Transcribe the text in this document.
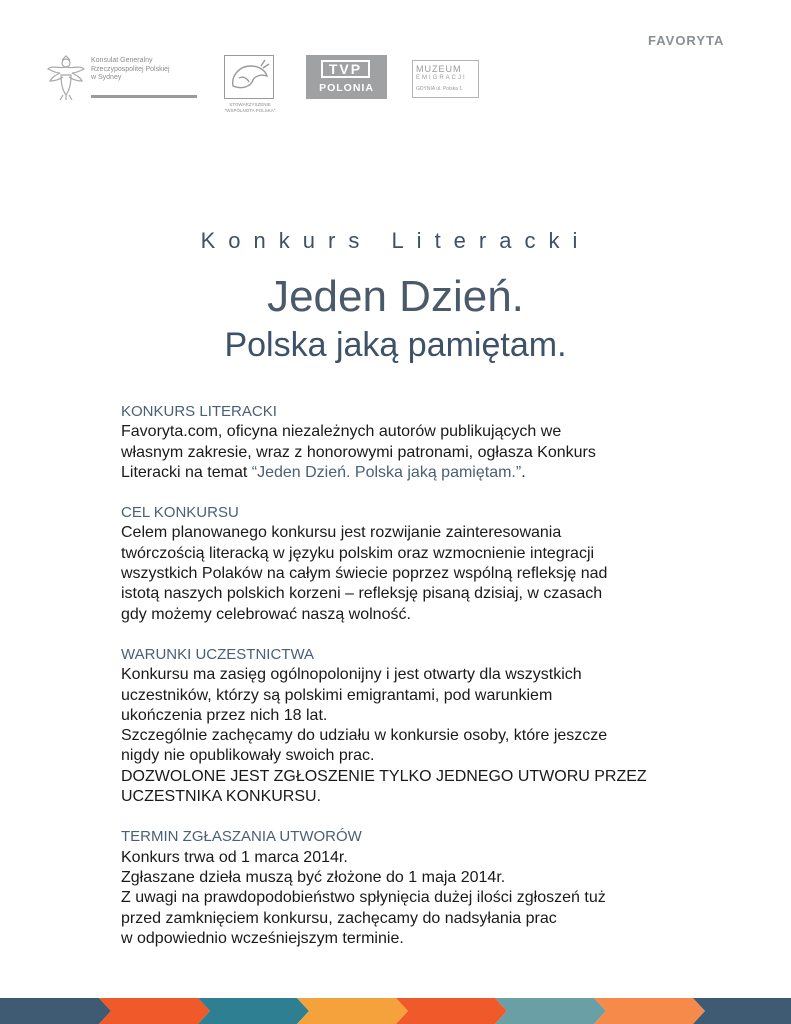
FAVORYTA
Konsulat Generalny
Rzeczypospolitej Polskiej
w Sydney
STOWARZYSZENIE
"WSPÓLNOTA POLSKA"
TVP
POLONIA
MUZEUM
EMIGRACJI
GDYNIA ul. Polska 1
Konkurs Literacki
Jeden Dzień.
Polska jaką pamiętam.
KONKURS LITERACKI
Favoryta.com, oficyna niezależnych autorów publikujących we
własnym zakresie, wraz z honorowymi patronami, ogłasza Konkurs
Literacki na temat “Jeden Dzień. Polska jaką pamiętam.”.
CEL KONKURSU
Celem planowanego konkursu jest rozwijanie zainteresowania
twórczością literacką w języku polskim oraz wzmocnienie integracji
wszystkich Polaków na całym świecie poprzez wspólną refleksję nad
istotą naszych polskich korzeni – refleksję pisaną dzisiaj, w czasach
gdy możemy celebrować naszą wolność.
WARUNKI UCZESTNICTWA
Konkursu ma zasięg ogólnopolonijny i jest otwarty dla wszystkich
uczestników, którzy są polskimi emigrantami, pod warunkiem
ukończenia przez nich 18 lat.
Szczególnie zachęcamy do udziału w konkursie osoby, które jeszcze
nigdy nie opublikowały swoich prac.
DOZWOLONE JEST ZGŁOSZENIE TYLKO JEDNEGO UTWORU PRZEZ
UCZESTNIKA KONKURSU.
TERMIN ZGŁASZANIA UTWORÓW
Konkurs trwa od 1 marca 2014r.
Zgłaszane dzieła muszą być złożone do 1 maja 2014r.
Z uwagi na prawdopodobieństwo spłynięcia dużej ilości zgłoszeń tuż
przed zamknięciem konkursu, zachęcamy do nadsyłania prac
w odpowiednio wcześniejszym terminie.
